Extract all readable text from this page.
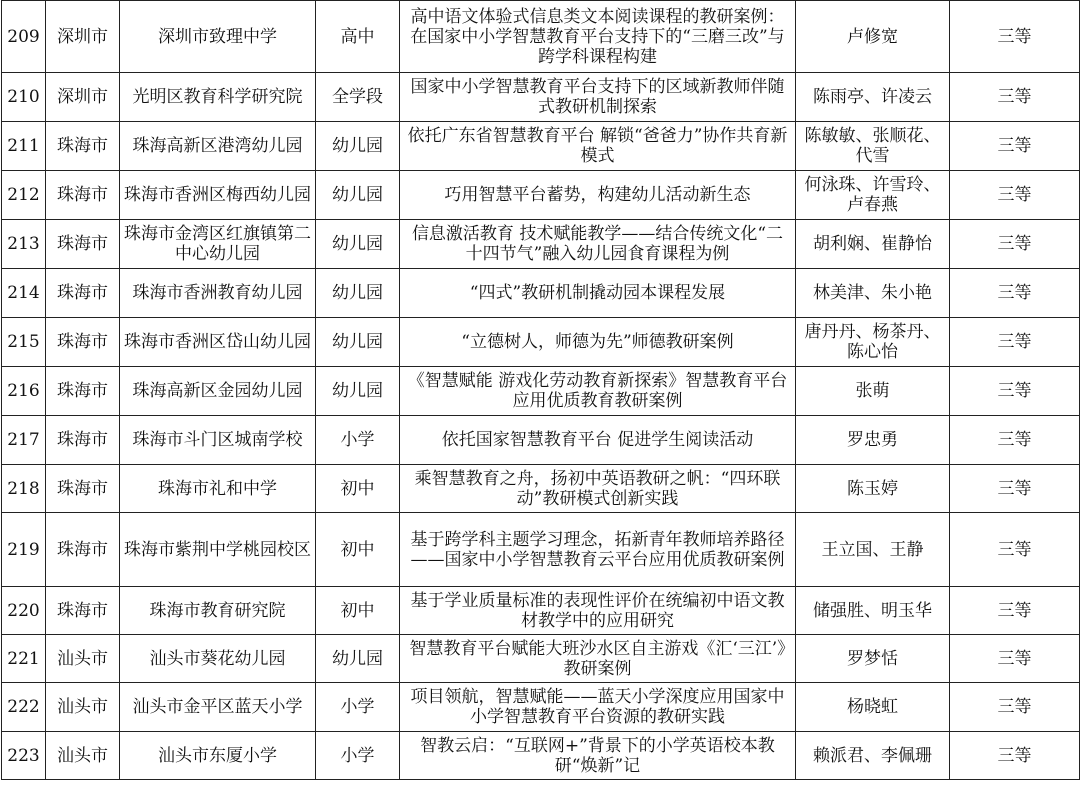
209	深圳市	深圳市致理中学	高中	高中语文体验式信息类文本阅读课程的教研案例：在国家中小学智慧教育平台支持下的“三磨三改”与跨学科课程构建	卢修宽	三等
210	深圳市	光明区教育科学研究院	全学段	国家中小学智慧教育平台支持下的区域新教师伴随式教研机制探索	陈雨亭、许凌云	三等
211	珠海市	珠海高新区港湾幼儿园	幼儿园	依托广东省智慧教育平台 解锁“爸爸力”协作共育新模式	陈敏敏、张顺花、代雪	三等
212	珠海市	珠海市香洲区梅西幼儿园	幼儿园	巧用智慧平台蓄势，构建幼儿活动新生态	何泳珠、许雪玲、卢春燕	三等
213	珠海市	珠海市金湾区红旗镇第二中心幼儿园	幼儿园	信息激活教育 技术赋能教学——结合传统文化“二十四节气”融入幼儿园食育课程为例	胡利娴、崔静怡	三等
214	珠海市	珠海市香洲教育幼儿园	幼儿园	“四式”教研机制撬动园本课程发展	林美津、朱小艳	三等
215	珠海市	珠海市香洲区岱山幼儿园	幼儿园	“立德树人，师德为先”师德教研案例	唐丹丹、杨茶丹、陈心怡	三等
216	珠海市	珠海高新区金园幼儿园	幼儿园	《智慧赋能 游戏化劳动教育新探索》智慧教育平台应用优质教育教研案例	张萌	三等
217	珠海市	珠海市斗门区城南学校	小学	依托国家智慧教育平台 促进学生阅读活动	罗忠勇	三等
218	珠海市	珠海市礼和中学	初中	乘智慧教育之舟，扬初中英语教研之帆：“四环联动”教研模式创新实践	陈玉婷	三等
219	珠海市	珠海市紫荆中学桃园校区	初中	基于跨学科主题学习理念，拓新青年教师培养路径——国家中小学智慧教育云平台应用优质教研案例	王立国、王静	三等
220	珠海市	珠海市教育研究院	初中	基于学业质量标准的表现性评价在统编初中语文教材教学中的应用研究	储强胜、明玉华	三等
221	汕头市	汕头市葵花幼儿园	幼儿园	智慧教育平台赋能大班沙水区自主游戏《汇‘三江’》教研案例	罗梦恬	三等
222	汕头市	汕头市金平区蓝天小学	小学	项目领航，智慧赋能——蓝天小学深度应用国家中小学智慧教育平台资源的教研实践	杨晓虹	三等
223	汕头市	汕头市东厦小学	小学	智教云启：“互联网+”背景下的小学英语校本教研“焕新”记	赖派君、李佩珊	三等
